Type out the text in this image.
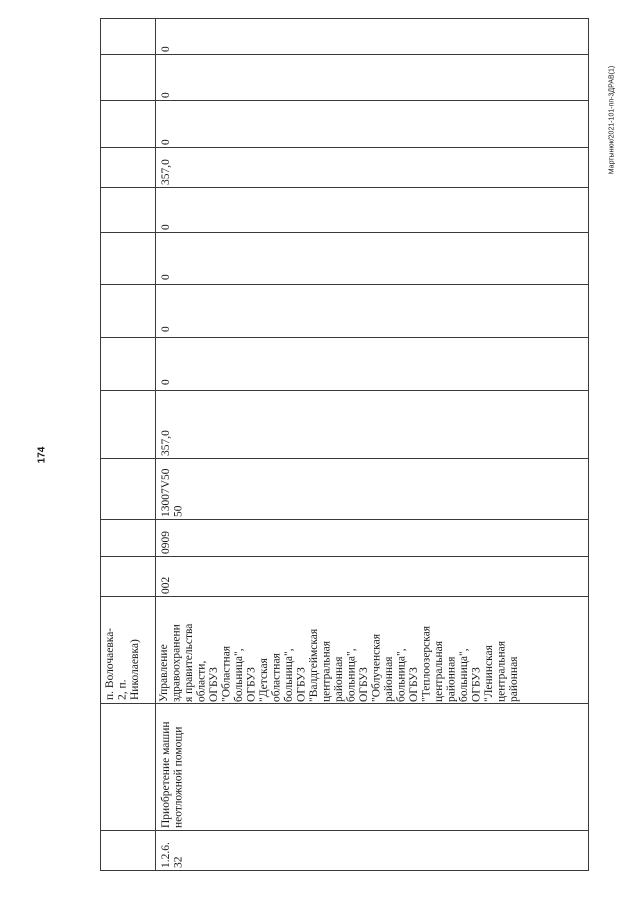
174
Мартынюк/2021-101-пп-3ДРАВ(1)
п. Волочаевка-
2, п.
Николаевка)
1.2.6.
32
Приобретение машин
неотложной помощи
Управление
здравоохранени
я правительства
области,
ОГБУЗ
"Областная
больница",
ОГБУЗ
"Детская
областная
больница",
ОГБУЗ
"Валдгеймская
центральная
районная
больница",
ОГБУЗ
"Облученская
районная
больница",
ОГБУЗ
"Теплоозерская
центральная
районная
больница",
ОГБУЗ
"Ленинская
центральная
районная
002
0909
13007V50
50
357,0
0
0
0
0
357,0
0
0
0
